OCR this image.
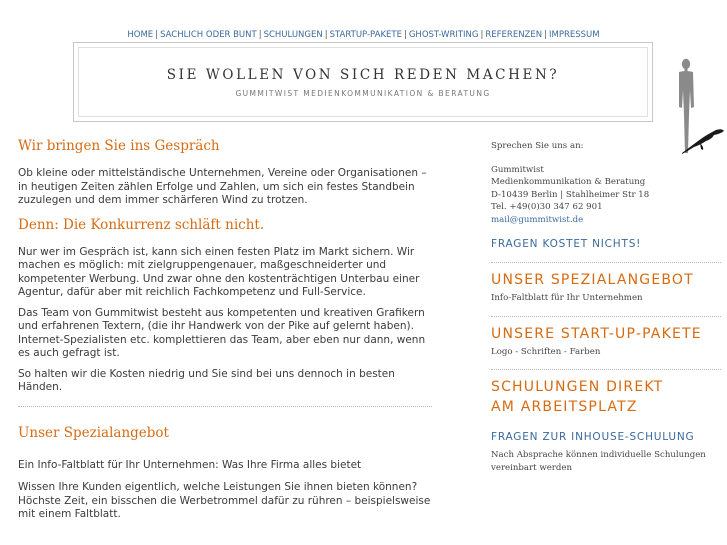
HOME | SACHLICH ODER BUNT | SCHULUNGEN | STARTUP-PAKETE | GHOST-WRITING | REFERENZEN | IMPRESSUM
SIE WOLLEN VON SICH REDEN MACHEN?
GUMMITWIST MEDIENKOMMUNIKATION & BERATUNG
Wir bringen Sie ins Gespräch

Ob kleine oder mittelständische Unternehmen, Vereine oder Organisationen – in heutigen Zeiten zählen Erfolge und Zahlen, um sich ein festes Standbein zuzulegen und dem immer schärferen Wind zu trotzen.

Denn: Die Konkurrenz schläft nicht.

Nur wer im Gespräch ist, kann sich einen festen Platz im Markt sichern. Wir machen es möglich: mit zielgruppengenauer, maßgeschneiderter und kompetenter Werbung. Und zwar ohne den kostenträchtigen Unterbau einer Agentur, dafür aber mit reichlich Fachkompetenz und Full-Service.

Das Team von Gummitwist besteht aus kompetenten und kreativen Grafikern und erfahrenen Textern, (die ihr Handwerk von der Pike auf gelernt haben). Internet-Spezialisten etc. komplettieren das Team, aber eben nur dann, wenn es auch gefragt ist.

So halten wir die Kosten niedrig und Sie sind bei uns dennoch in besten Händen.

Unser Spezialangebot

Ein Info-Faltblatt für Ihr Unternehmen: Was Ihre Firma alles bietet

Wissen Ihre Kunden eigentlich, welche Leistungen Sie ihnen bieten können? Höchste Zeit, ein bisschen die Werbetrommel dafür zu rühren – beispielsweise mit einem Faltblatt.

Sprechen Sie uns an:
Gummitwist
Medienkommunikation & Beratung
D-10439 Berlin | Stahlheimer Str 18
Tel. +49(0)30 347 62 901
mail@gummitwist.de
FRAGEN KOSTET NICHTS!
UNSER SPEZIALANGEBOT
Info-Faltblatt für Ihr Unternehmen
UNSERE START-UP-PAKETE
Logo - Schriften - Farben
SCHULUNGEN DIREKT
AM ARBEITSPLATZ
FRAGEN ZUR INHOUSE-SCHULUNG
Nach Absprache können individuelle Schulungen vereinbart werden
